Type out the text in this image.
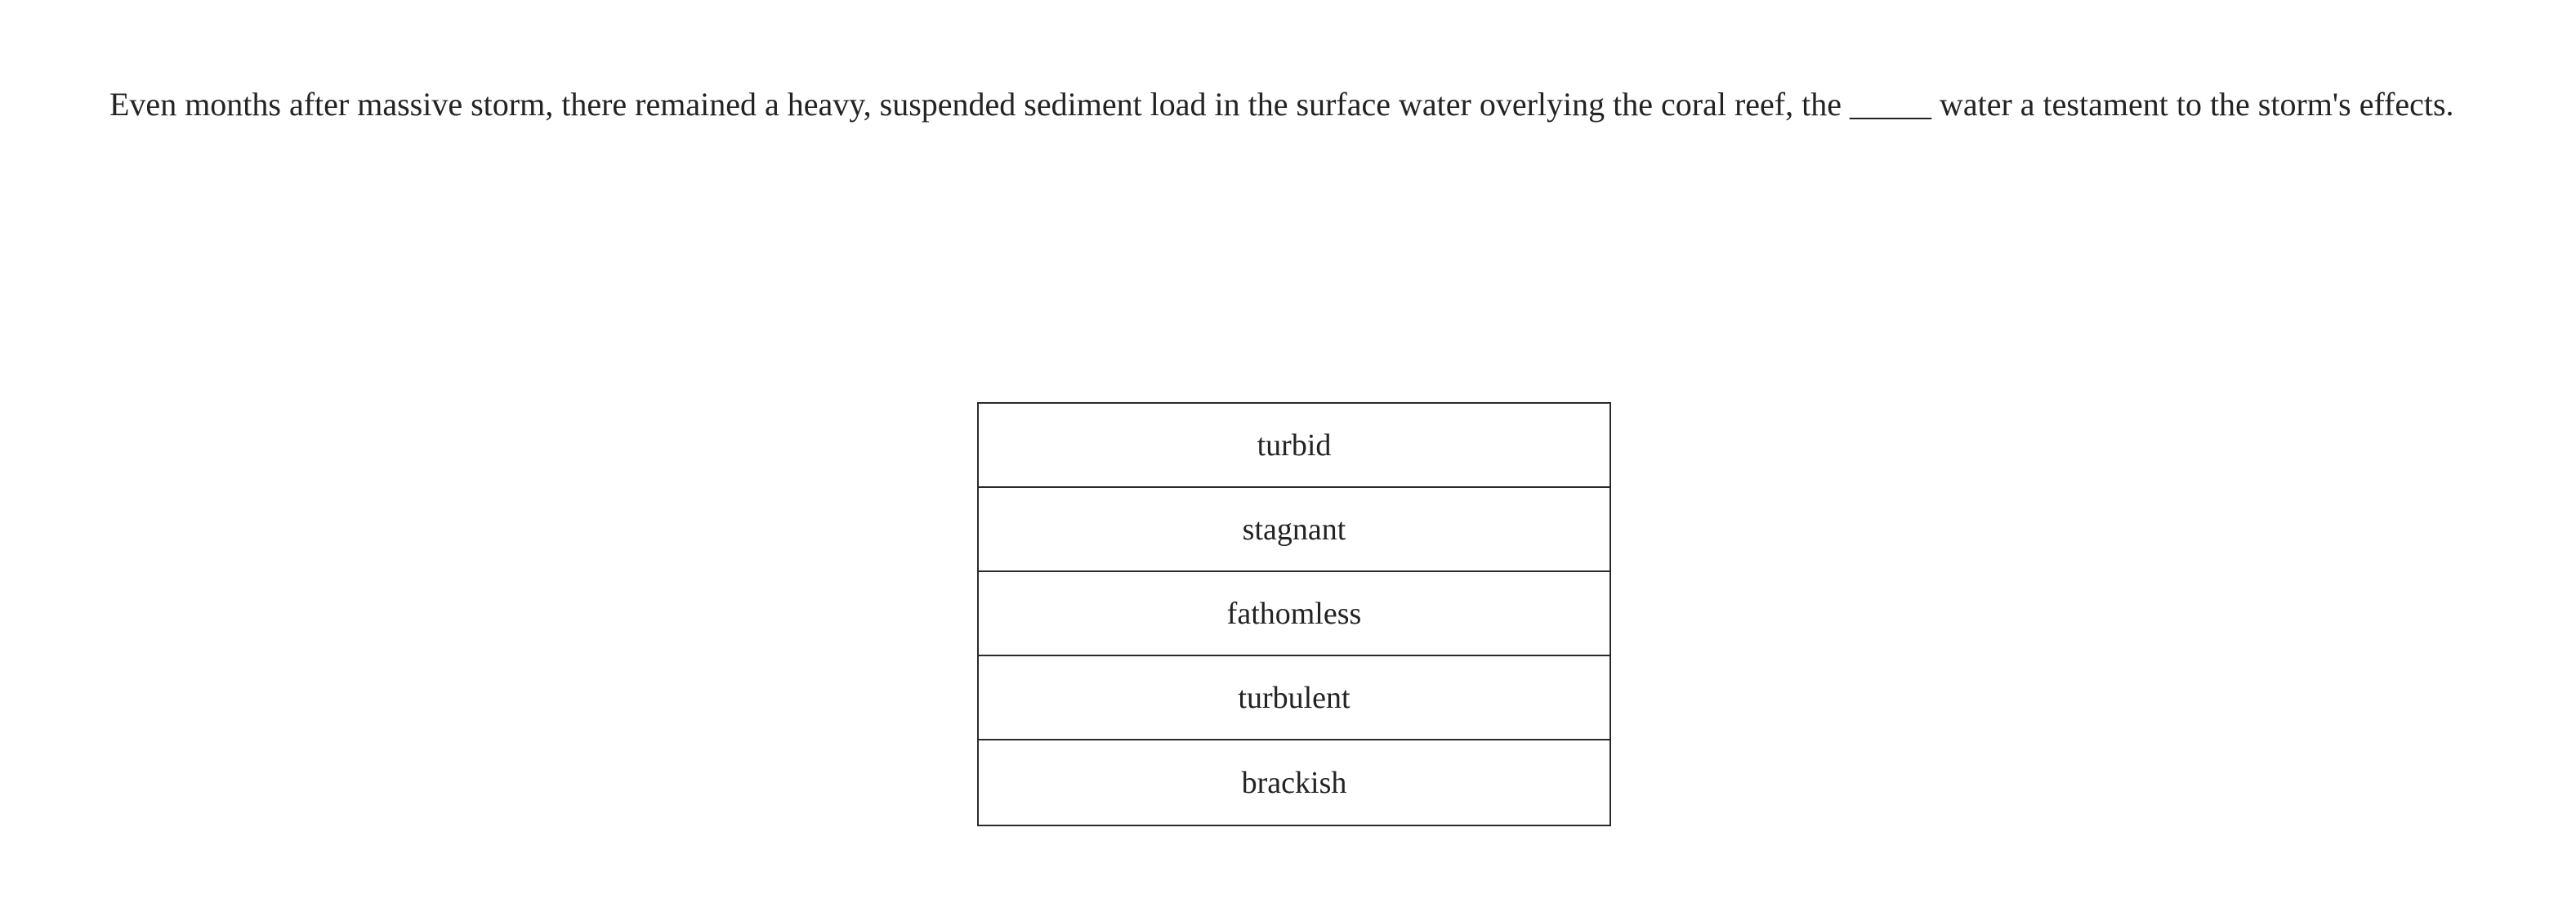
Even months after massive storm, there remained a heavy, suspended sediment load in the surface water overlying the coral reef, the _____ water a testament to the storm's effects.
turbid
stagnant
fathomless
turbulent
brackish
